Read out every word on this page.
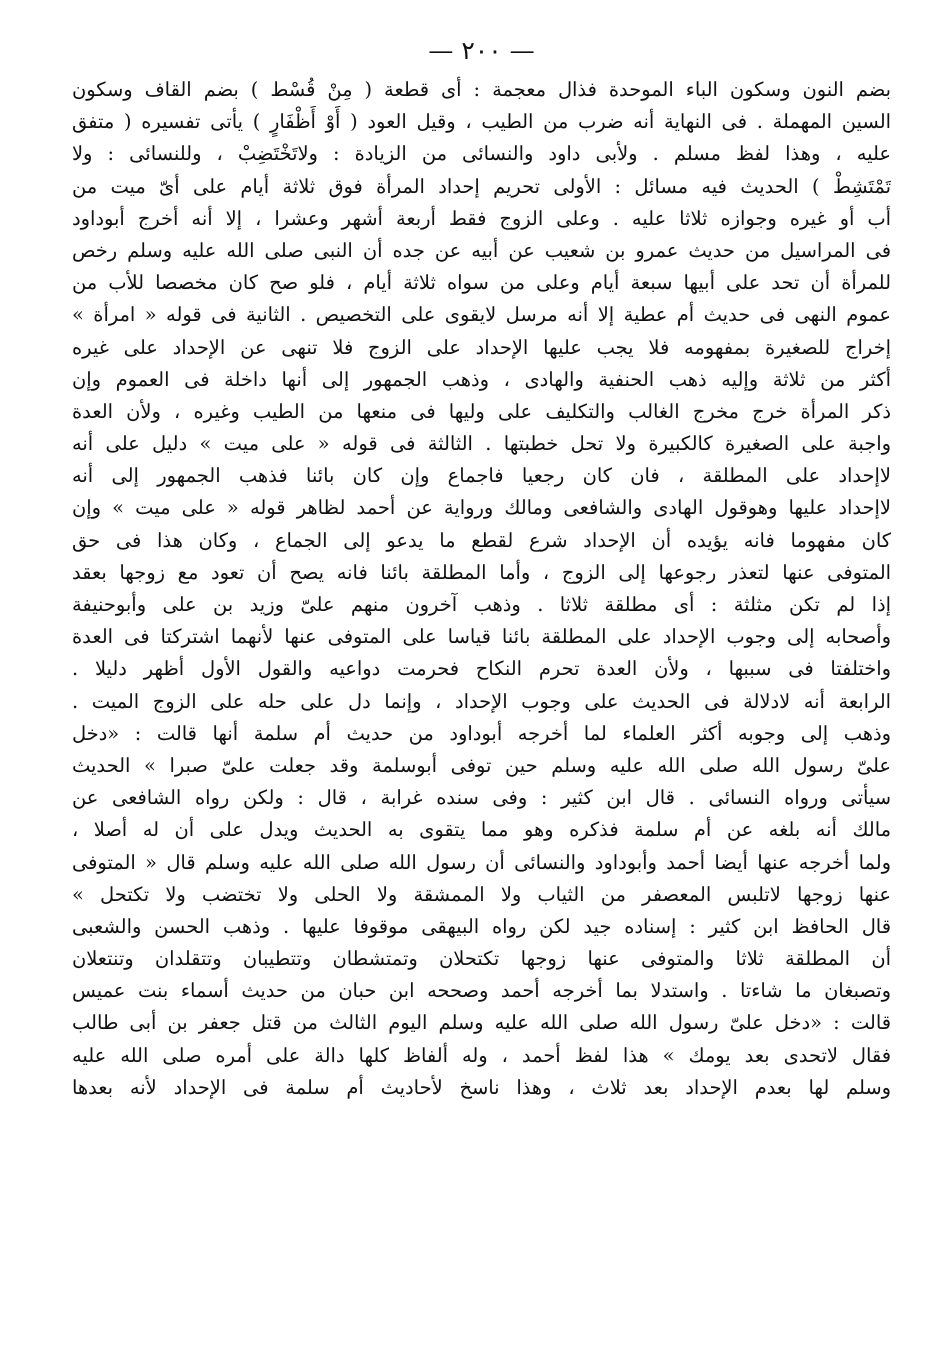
— ٢٠٠ —
بضم النون وسكون الباء الموحدة فذال معجمة : أى قطعة ( مِنْ قُسْط ) بضم القاف وسكون
السين المهملة . فى النهاية أنه ضرب من الطيب ، وقيل العود ( أَوْ أَظْفَارٍ ) يأتى تفسيره ( متفق
عليه ، وهذا لفظ مسلم . ولأبى داود والنسائى من الزيادة : ولاتَخْتَضِبْ ، وللنسائى : ولا
تَمْتَشِطْ ) الحديث فيه مسائل : الأولى تحريم إحداد المرأة فوق ثلاثة أيام على أىّ ميت من
أب أو غيره وجوازه ثلاثا عليه . وعلى الزوج فقط أربعة أشهر وعشرا ، إلا أنه أخرج أبوداود
فى المراسيل من حديث عمرو بن شعيب عن أبيه عن جده أن النبى صلى الله عليه وسلم رخص
للمرأة أن تحد على أبيها سبعة أيام وعلى من سواه ثلاثة أيام ، فلو صح كان مخصصا للأب من
عموم النهى فى حديث أم عطية إلا أنه مرسل لايقوى على التخصيص . الثانية فى قوله « امرأة »
إخراج للصغيرة بمفهومه فلا يجب عليها الإحداد على الزوج فلا تنهى عن الإحداد على غيره
أكثر من ثلاثة وإليه ذهب الحنفية والهادى ، وذهب الجمهور إلى أنها داخلة فى العموم وإن
ذكر المرأة خرج مخرج الغالب والتكليف على وليها فى منعها من الطيب وغيره ، ولأن العدة
واجبة على الصغيرة كالكبيرة ولا تحل خطبتها . الثالثة فى قوله « على ميت » دليل على أنه
لاإحداد على المطلقة ، فان كان رجعيا فاجماع وإن كان بائنا فذهب الجمهور إلى أنه
لاإحداد عليها وهوقول الهادى والشافعى ومالك ورواية عن أحمد لظاهر قوله « على ميت » وإن
كان مفهوما فانه يؤيده أن الإحداد شرع لقطع ما يدعو إلى الجماع ، وكان هذا فى حق
المتوفى عنها لتعذر رجوعها إلى الزوج ، وأما المطلقة بائنا فانه يصح أن تعود مع زوجها بعقد
إذا لم تكن مثلثة : أى مطلقة ثلاثا . وذهب آخرون منهم علىّ وزيد بن على وأبوحنيفة
وأصحابه إلى وجوب الإحداد على المطلقة بائنا قياسا على المتوفى عنها لأنهما اشتركتا فى العدة
واختلفتا فى سببها ، ولأن العدة تحرم النكاح فحرمت دواعيه والقول الأول أظهر دليلا .
الرابعة أنه لادلالة فى الحديث على وجوب الإحداد ، وإنما دل على حله على الزوج الميت .
وذهب إلى وجوبه أكثر العلماء لما أخرجه أبوداود من حديث أم سلمة أنها قالت : «دخل
علىّ رسول الله صلى الله عليه وسلم حين توفى أبوسلمة وقد جعلت علىّ صبرا » الحديث
سيأتى ورواه النسائى . قال ابن كثير : وفى سنده غرابة ، قال : ولكن رواه الشافعى عن
مالك أنه بلغه عن أم سلمة فذكره وهو مما يتقوى به الحديث ويدل على أن له أصلا ،
ولما أخرجه عنها أيضا أحمد وأبوداود والنسائى أن رسول الله صلى الله عليه وسلم قال « المتوفى
عنها زوجها لاتلبس المعصفر من الثياب ولا الممشقة ولا الحلى ولا تختضب ولا تكتحل »
قال الحافظ ابن كثير : إسناده جيد لكن رواه البيهقى موقوفا عليها . وذهب الحسن والشعبى
أن المطلقة ثلاثا والمتوفى عنها زوجها تكتحلان وتمتشطان وتتطيبان وتتقلدان وتنتعلان
وتصبغان ما شاءتا . واستدلا بما أخرجه أحمد وصححه ابن حبان من حديث أسماء بنت عميس
قالت : «دخل علىّ رسول الله صلى الله عليه وسلم اليوم الثالث من قتل جعفر بن أبى طالب
فقال لاتحدى بعد يومك » هذا لفظ أحمد ، وله ألفاظ كلها دالة على أمره صلى الله عليه
وسلم لها بعدم الإحداد بعد ثلاث ، وهذا ناسخ لأحاديث أم سلمة فى الإحداد لأنه بعدها
